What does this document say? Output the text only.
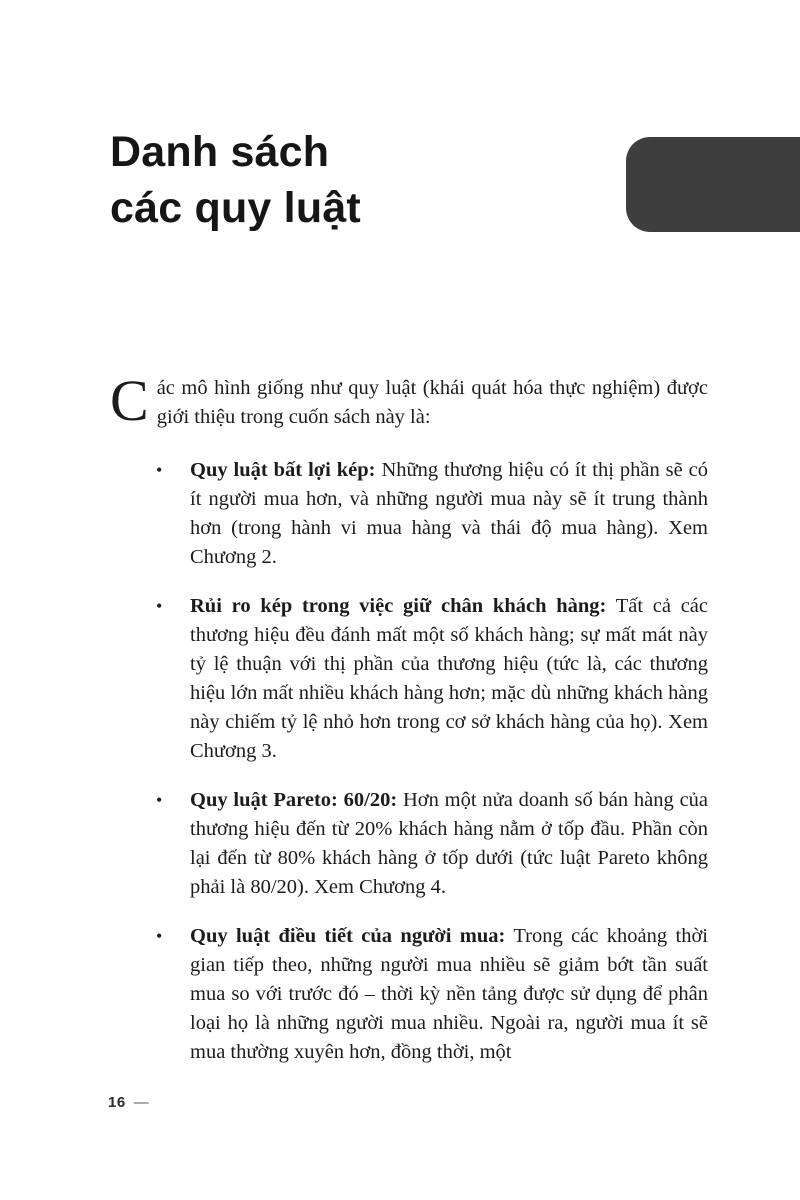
Danh sách
các quy luật

Các mô hình giống như quy luật (khái quát hóa thực nghiệm) được giới thiệu trong cuốn sách này là:

• Quy luật bất lợi kép: Những thương hiệu có ít thị phần sẽ có ít người mua hơn, và những người mua này sẽ ít trung thành hơn (trong hành vi mua hàng và thái độ mua hàng). Xem Chương 2.
• Rủi ro kép trong việc giữ chân khách hàng: Tất cả các thương hiệu đều đánh mất một số khách hàng; sự mất mát này tỷ lệ thuận với thị phần của thương hiệu (tức là, các thương hiệu lớn mất nhiều khách hàng hơn; mặc dù những khách hàng này chiếm tỷ lệ nhỏ hơn trong cơ sở khách hàng của họ). Xem Chương 3.
• Quy luật Pareto: 60/20: Hơn một nửa doanh số bán hàng của thương hiệu đến từ 20% khách hàng nằm ở tốp đầu. Phần còn lại đến từ 80% khách hàng ở tốp dưới (tức luật Pareto không phải là 80/20). Xem Chương 4.
• Quy luật điều tiết của người mua: Trong các khoảng thời gian tiếp theo, những người mua nhiều sẽ giảm bớt tần suất mua so với trước đó – thời kỳ nền tảng được sử dụng để phân loại họ là những người mua nhiều. Ngoài ra, người mua ít sẽ mua thường xuyên hơn, đồng thời, một
16 —
